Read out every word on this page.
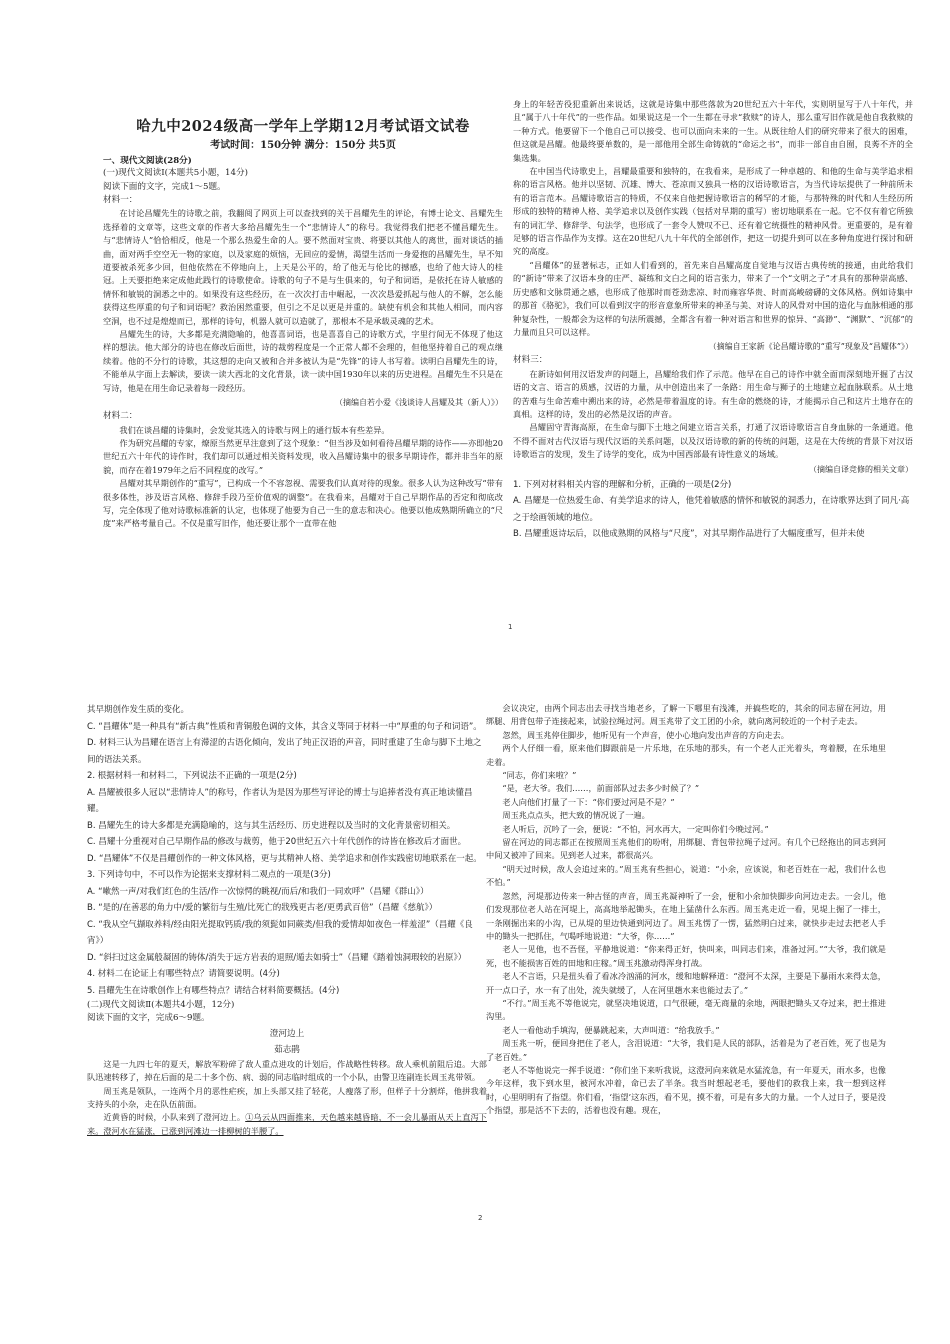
哈九中2024级高一学年上学期12月考试语文试卷

考试时间：150分钟 满分：150分 共5页

一、现代文阅读(28分)

(一)现代文阅读Ⅰ(本题共5小题，14分)

阅读下面的文字，完成1～5题。

材料一：

在讨论昌耀先生的诗歌之前，我翻阅了网页上可以查找到的关于昌耀先生的评论，有博士论文、昌耀先生选择着的文章等，这些文章的作者大多给昌耀先生一个“悲情诗人”的称号。我觉得我们把老不懂昌耀先生。与“悲情诗人”恰恰相反，他是一个那么热爱生命的人。要不然面对宝贵、将要以其他人的离世，面对谈话的插曲，面对两手空空无一物的家庭，以及家庭的烦恼，无回应的爱情，渴望生活而一身爱抱的昌耀先生，早不知道要被杀死多少回，但他依然在不停地向上，上天是公平的，给了他无与伦比的撼感，也给了他大诗人的桂冠。上天要拒绝来定成他此践行的诗歌使命。诗歌的句子不是与生俱来的，句子和词语，是依托在诗人敏感的情怀和敏锐的洞悉之中的。如果没有这些经历，在一次次打击中崛起，一次次恳爱抓起与他人的不解，怎么能获得这些厚重的句子和词语呢？救治困然重要，但引之不足以更是并重的。缺使有机会和其他人相同，而内容空洞，也不过是煌煌而已，那样的诗句，机器人就可以造就了，那根本不是承载灵魂的艺术。

昌耀先生的诗，大多都是充满隐喻的，他喜喜词语，也是喜喜自己的诗歌方式，字里行间无不体现了他这样的想法。他大部分的诗也在修改后面世，诗的裁剪程度是一个正常人都不会理的，但他坚持着自己的观点继续着。他的不分行的诗歌，其这想的走向又被和合并多被认为是“先锋”的诗人书写着。读明白昌耀先生的诗，不能单从字面上去解读，要读一读大西北的文化背景，读一读中国1930年以来的历史进程。昌耀先生不只是在写诗，他是在用生命记录着每一段经历。

（摘编自若小爱《浅谈诗人昌耀及其（新人）》）

材料二：

我们在谈昌耀的诗集时，会发觉其选入的诗歌与网上的通行版本有些差异。

作为研究昌耀的专家，燎原当然更早注意到了这个现象：“但当涉及如何看待昌耀早期的诗作——亦即他20世纪五六十年代的诗作时，我们却可以通过相关资料发现，收入昌耀诗集中的很多早期诗作，都并非当年的原貌，而存在着1979年之后不同程度的改写。”

昌耀对其早期创作的“重写”，已构成一个不容忽视、需要我们认真对待的现象。很多人认为这种改写“带有很多体性，涉及语言风格、修辞手段乃至价值观的调整”。在我看来，昌耀对于自己早期作品的否定和彻底改写，完全体现了他对诗歌标准新的认定，也体现了他要为自己一生的意志和决心。他要以他成熟期所确立的“尺度”来严格考量自己。不仅是重写旧作，他还要让那个一直带在他

身上的年轻苦役犯重新出来说话，这就是诗集中那些落款为20世纪五六十年代，实则明显写于八十年代，并且“属于八十年代”的一些作品。如果说这是一个一生都在寻求“救赎”的诗人，那么重写旧作就是他自我救赎的一种方式。他要留下一个他自己可以接受、也可以面向未来的一生。从既往给人们的研究带来了很大的困难，但这就是昌耀。他最终要单数的，是一部他用全部生命铸就的“命运之书”，而非一部自由自囿，良莠不齐的全集选集。

在中国当代诗歌史上，昌耀最重要和独特的，在我看来，是形成了一种卓越的、和他的生命与美学追求相称的语言风格。他并以坚韧、沉雄、博大、苍凉而又独具一格的汉语诗歌语言，为当代诗坛提供了一种前所未有的语言范本。昌耀诗歌语言的特质，不仅来自他把握诗歌语言的稀罕的才能，与那特殊的时代和人生经历所形成的独特的精神人格、美学追求以及创作实践（包括对早期的重写）密切地联系在一起。它不仅有着它所独有的词汇学、修辞学、句法学，也形成了一套令人赞叹不已、还有着它统摄性的精神风骨。更重要的，是有着足够的语言作品作为支撑。这在20世纪八九十年代的全部创作，把这一切提升到可以在多种角度进行探讨和研究的高度。

“昌耀体”的显著标志，正如人们看到的，首先来自昌耀高度自觉地与汉语古典传统的接通，由此给我们的“新诗”带来了汉语本身的庄严、凝练和文白之间的语言张力，带来了一个“文明之子”才具有的那种崇高感、历史感和文脉贯通之感，也形成了他那时而苍劲悲凉、时而雍容华贵、时而高峻磅礴的文体风格。例如诗集中的那首《骆驼》，我们可以看到汉字的形音意象所带来的神圣与美、对诗人的风骨对中国的造化与血脉相通的那种复杂性，一般都会为这样的句法所震撼，全都含有着一种对语言和世界的惊异、“高渺”、“渊默”、“沉郁”的力量而且只可以这样。

（摘编自王家新《论昌耀诗歌的“重写”现象及“昌耀体”》）

材料三：

在新诗如何用汉语发声的问题上，昌耀给我们作了示范。他早在自己的诗作中就全面而深刻地开掘了古汉语的文言、语言的质感，汉语的力量，从中创造出来了一条路：用生命与狮子的土地建立起血脉联系。从土地的苦难与生命苦难中溯出来的诗，必然是带着温度的诗。有生命的燃烧的诗，才能揭示自己和这片土地存在的真相。这样的诗，发出的必然是汉语的声音。

昌耀固守青海高原，在生命与脚下土地之间建立语言关系，打通了汉语诗歌语言自身血脉的一条通道。他不得不面对古代汉语与现代汉语的关系问题，以及汉语诗歌的新的传统的问题，这是在大传统的背景下对汉语诗歌语言的发现，发生了诗学的变化，成为中国西部最有诗性意义的场域。

（摘编自译竞修的相关文章）

1. 下列对材料相关内容的理解和分析，正确的一项是(2分)

A. 昌耀是一位热爱生命、有美学追求的诗人，他凭着敏感的情怀和敏锐的洞悉力，在诗歌界达到了同凡·高之于绘画领域的地位。

B. 昌耀重返诗坛后，以他成熟期的风格与“尺度”，对其早期作品进行了大幅度重写，但并未使

1

其早期创作发生质的变化。

C. “昌耀体”是一种具有“新古典”性质和青铜般色调的文体，其含义等同于材料一中“厚重的句子和词语”。

D. 材料三认为昌耀在语言上有滞涩的古语化倾向，发出了纯正汉语的声音，同时重建了生命与脚下土地之间的语法关系。

2. 根据材料一和材料二，下列说法不正确的一项是(2分)

A. 昌耀被很多人冠以“悲情诗人”的称号，作者认为是因为那些写评论的博士与追捧者没有真正地读懂昌耀。

B. 昌耀先生的诗大多都是充满隐喻的，这与其生活经历、历史进程以及当时的文化背景密切相关。

C. 昌耀十分重视对自己早期作品的修改与裁剪，他于20世纪五六十年代创作的诗皆在修改后才面世。

D. “昌耀体”不仅是昌耀创作的一种文体风格，更与其精神人格、美学追求和创作实践密切地联系在一起。

3. 下列诗句中，不可以作为论据来支撑材料二观点的一项是(3分)

A. “嗽然一声/对我们红色的生活/作一次惊愕的眺视/而后/和我们一同欢呼”（昌耀《群山》）

B. “是的/在善恶的角力中/爱的繁衍与生殖/比死亡的戕残更古老/更勇武百倍”（昌耀《慈航》）

C. “我从空气撷取养料/经由阳光提取钙质/我的须髭如同蕨类/但我的爱情却如夜色一样羞涩”（昌耀《良宵》）

D. “斜扫过这金属般凝固的铸体/消失于远方岩表的退照/遁去如骑士”（昌耀《踏着蚀洞瑕较的岩原》）

4. 材料二在论证上有哪些特点？请简要说明。(4分)

5. 昌耀先生在诗歌创作上有哪些特点？请结合材料简要概括。(4分)

(二)现代文阅读Ⅱ(本题共4小题，12分)

阅读下面的文字，完成6～9题。

澄河边上

茹志鹃

这是一九四七年的夏天，解放军粉碎了敌人重点进攻的计划后，作战略性转移。敌人乘机前阻后追。大部队迅速转移了，掉在后面的是二十多个伤、病、弱的同志临时组成的一个小队，由警卫连副连长周玉兆带领。

周玉兆是领队，一连两个月的恶性疟疾，加上头部又挂了轻花，人瘦落了形，但样子十分割烊，他拼我着支持头的小杂，走在队伍前面。

近黄昏的时候，小队来到了澄河边上。①乌云从四面推来，天色越来越昏暗，不一会儿暴雨从天上直泻下来。澄河水在猛涨，已涨到河滩边一排柳树的半腰了。

会议决定，由两个同志出去寻找当地老乡，了解一下哪里有浅滩，并搞些吃的，其余的同志留在河边，用绑腿、用背包带子连接起来，试验拉绳过河。周玉兆带了文工团的小余，就向离河较近的一个村子走去。

忽然，周玉兆停住脚步，他听见有一个声音，使小心地向发出声音的方向走去。

两个人仔细一看，原来他们脚跟前是一片乐地，在乐地的那头，有一个老人正光着头，弯着腰，在乐地里走着。

“同志，你们来啦？”

“是，老大爷。我们……，前面部队过去多少时候了？”

老人向他们打量了一下：“你们要过河是不是？”

周玉兆点点头，把大致的情况说了一遍。

老人听后，沉吟了一会，便说：“不怕，河水再大，一定叫你们今晚过河。”

留在河边的同志都正在按照周玉兆他们的吩咐，用绑腿、背包带拉绳子过河。有几个已经拖出的同志到河中间又被冲了回来。见到老人过来，都很高兴。

“明天过时候，敌人会追过来的。”周玉兆有些担心，说道：“小余，应该说，和老百姓在一起，我们什么也不怕。”

忽然，河堤那边传来一种古怪的声音，周玉兆凝神听了一会，便和小余加快脚步向河边走去。一会儿，他们发现那位老人站在河堤上，高高地举起锄头，在地上猛凿什么东西。周玉兆走近一看，见堤上掘了一排土，一条刚掘出来的小沟，已从堤的里边快通到河边了。周玉兆愣了一愣，猛然明白过来，就快步走过去把老人手中的锄头一把抓住，气喝呼地说道：“大爷，你……”

老人一见他，也不吾怪，平静地说道：“你来得正好，快叫来，叫同志们来，准备过河。”“大爷，我们就是死，也不能损害百姓的田地和庄稼。”周玉兆激动得浑身打战。

老人不言语，只是扭头看了看冰冷汹涌的河水，缓和地解释道：“澄河不太深，主要是下暴雨水来得太急，开一点口子，水一有了出处，流失就缓了，人在河里趟水来也能过去了。”

“不行。”周玉兆不等他说完，就坚决地说道，口气很硬，毫无商量的余地，两眼把锄头又夺过来，把土推进沟里。

老人一看他动手填沟，便暴跳起来，大声叫道：“给我放手。”

周玉兆一听，便回身把住了老人，含泪说道：“大爷，我们是人民的部队，活着是为了老百姓，死了也是为了老百姓。”

老人不等他说完一挥手说道：“你们坐下来听我说，这澄河向来就是水猛流急，有一年夏天，雨水多，也像今年这样，我下到水里，被河水冲着，命已去了半条。我当时想起老毛，要他们的救我上来，我一想到这样时，心里明明有了指望。你们看，‘指望’这东西，看不见，摸不着，可是有多大的力量。一个人过日子，要是没个指望，那是活不下去的，活着也没有趣。现在，

2
